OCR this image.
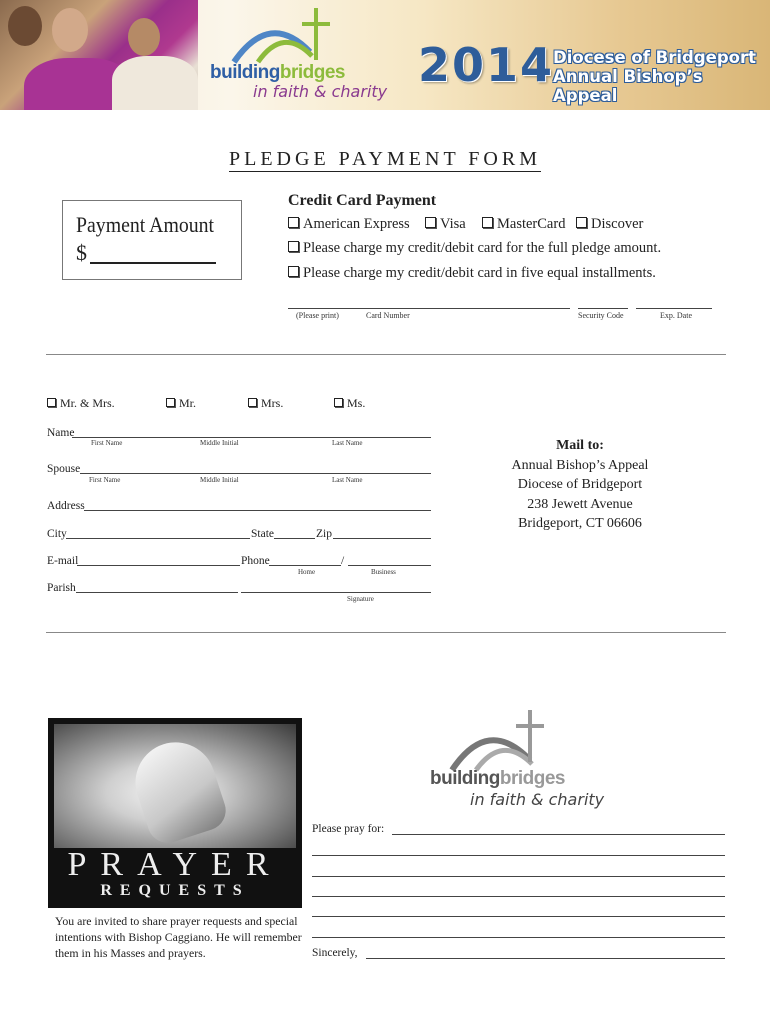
buildingbridges
in faith & charity 2014
Diocese of Bridgeport
Annual Bishop’s Appeal
PLEDGE PAYMENT FORM
Payment Amount
$
Credit Card Payment
American Express	Visa	MasterCard	Discover
Please charge my credit/debit card for the full pledge amount.
Please charge my credit/debit card in five equal installments.
(Please print)	Card Number	Security Code	Exp. Date
Mr. & Mrs.	Mr.	Mrs.	Ms.
Name
First Name	Middle Initial	Last Name
Spouse
First Name	Middle Initial	Last Name
Address
City	State	Zip
E-mail	Phone	/
Home	Business
Parish
Signature
Mail to:
Annual Bishop’s Appeal
Diocese of Bridgeport
238 Jewett Avenue
Bridgeport, CT 06606
PRAYER
REQUESTS
You are invited to share prayer requests and special intentions with Bishop Caggiano. He will remember them in his Masses and prayers.
buildingbridges
in faith & charity
Please pray for:
Sincerely,
